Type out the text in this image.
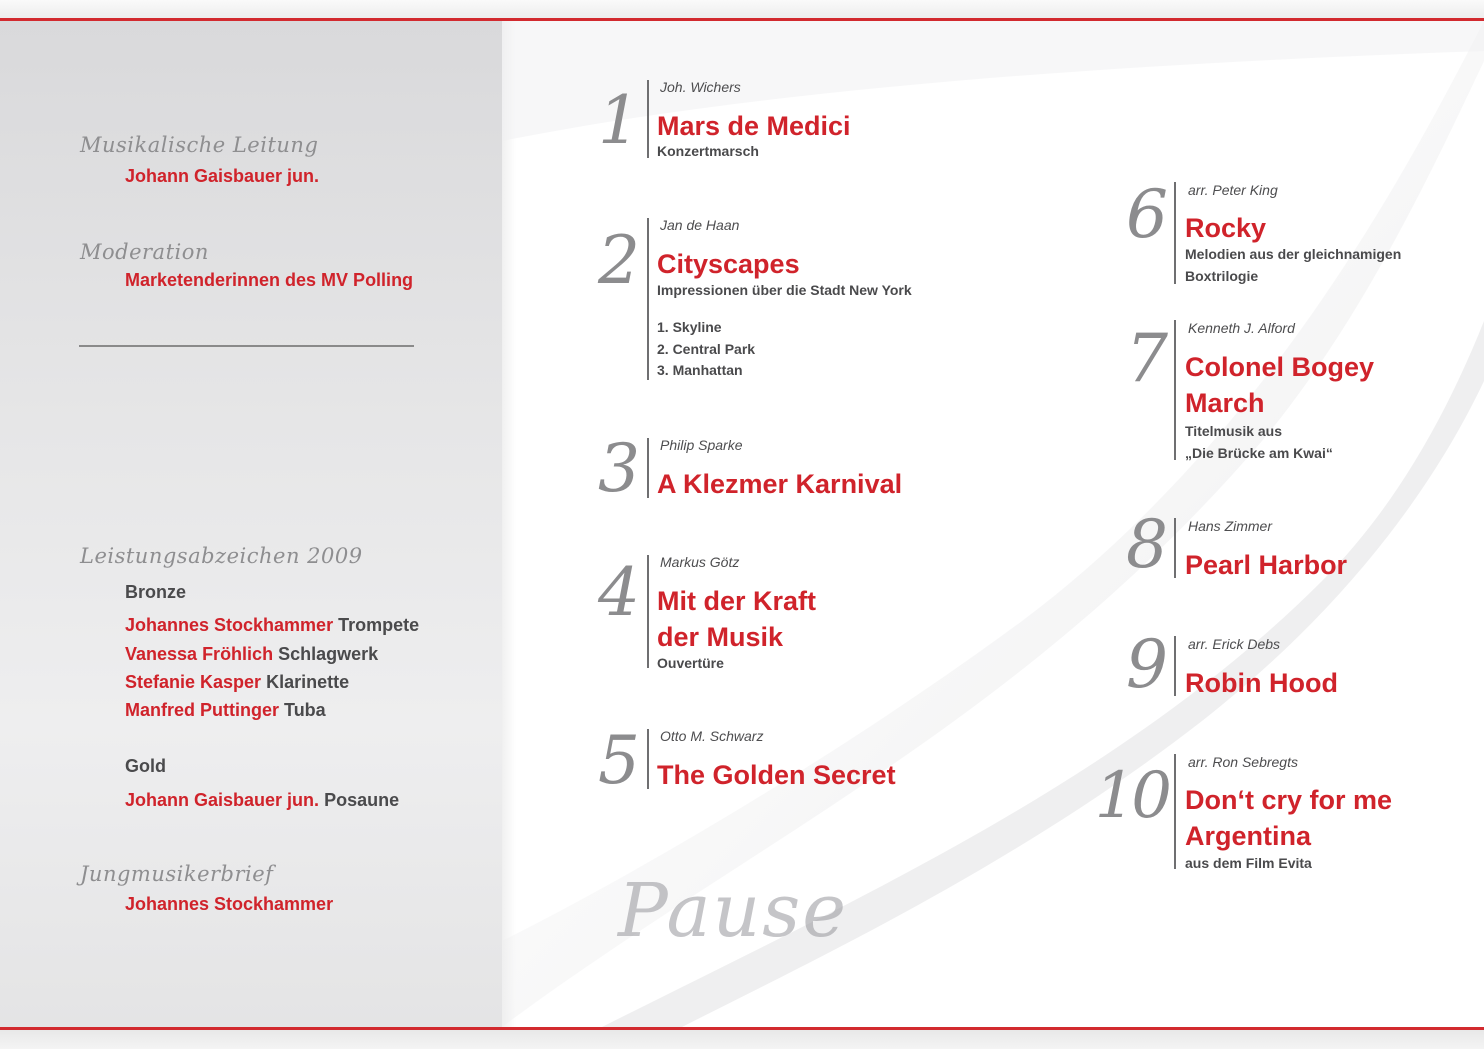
Musikalische Leitung
Johann Gaisbauer jun.
Moderation
Marketenderinnen des MV Polling
Leistungsabzeichen 2009
Bronze
Johannes Stockhammer Trompete
Vanessa Fröhlich Schlagwerk
Stefanie Kasper Klarinette
Manfred Puttinger Tuba
Gold
Johann Gaisbauer jun. Posaune
Jungmusikerbrief
Johannes Stockhammer
1 Joh. Wichers
Mars de Medici
Konzertmarsch
2 Jan de Haan
Cityscapes
Impressionen über die Stadt New York
1. Skyline
2. Central Park
3. Manhattan
3 Philip Sparke
A Klezmer Karnival
4 Markus Götz
Mit der Kraft
der Musik
Ouvertüre
5 Otto M. Schwarz
The Golden Secret
6 arr. Peter King
Rocky
Melodien aus der gleichnamigen
Boxtrilogie
7 Kenneth J. Alford
Colonel Bogey
March
Titelmusik aus
„Die Brücke am Kwai“
8 Hans Zimmer
Pearl Harbor
9 arr. Erick Debs
Robin Hood
10 arr. Ron Sebregts
Don‘t cry for me
Argentina
aus dem Film Evita
Pause
